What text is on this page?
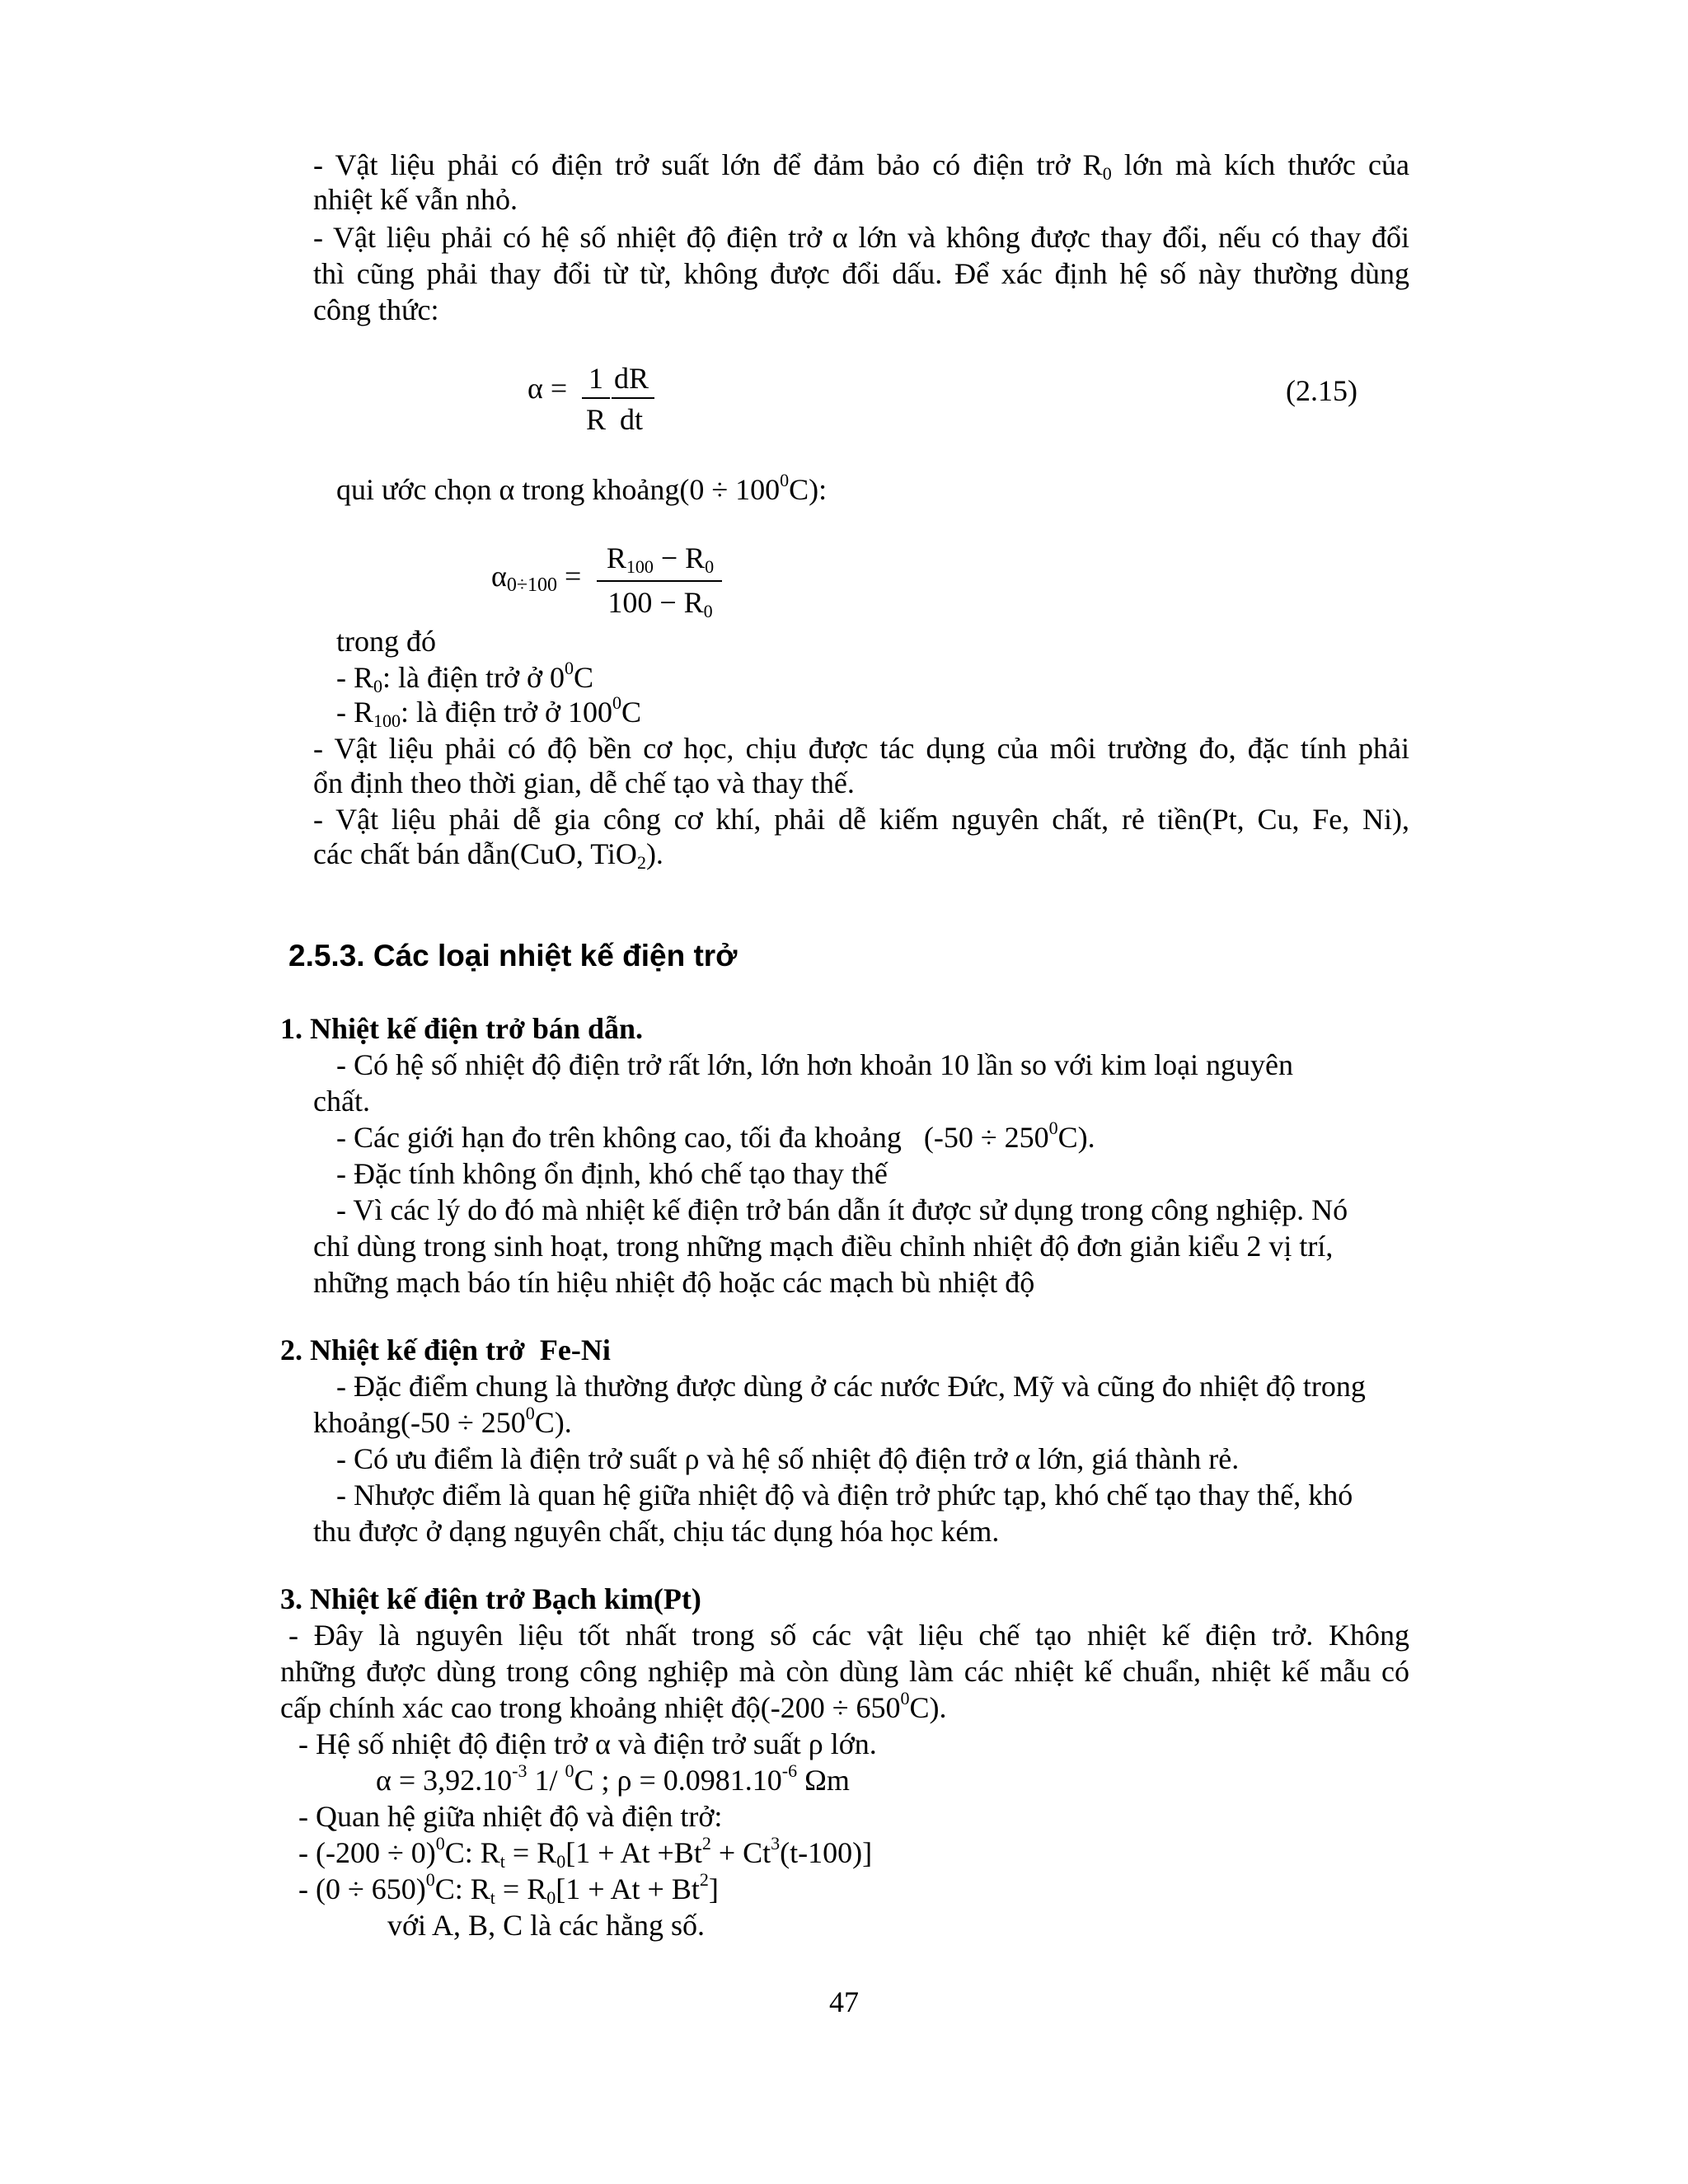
- Vật liệu phải có điện trở suất lớn để đảm bảo có điện trở $R_0$ lớn mà kích thước của
nhiệt kế vẫn nhỏ.
- Vật liệu phải có hệ số nhiệt độ điện trở α lớn và không được thay đổi, nếu có thay đổi
thì cũng phải thay đổi từ từ, không được đổi dấu. Để xác định hệ số này thường dùng
công thức:
α = 1
R
dR
dt
(2.15)
qui ước chọn α trong khoảng(0 ÷ $100^0C$):
$\alpha_{0\div 100}$ =
$R_{100} - R_0$
$100 - R_0$
trong đó
- $R_0$: là điện trở ở $0^0C$
- $R_{100}$: là điện trở ở $100^0C$
- Vật liệu phải có độ bền cơ học, chịu được tác dụng của môi trường đo, đặc tính phải
ổn định theo thời gian, dễ chế tạo và thay thế.
- Vật liệu phải dễ gia công cơ khí, phải dễ kiếm nguyên chất, rẻ tiền(Pt, Cu, Fe, Ni),
các chất bán dẫn(CuO, TiO$_2$).
2.5.3. Các loại nhiệt kế điện trở
1. Nhiệt kế điện trở bán dẫn.
- Có hệ số nhiệt độ điện trở rất lớn, lớn hơn khoản 10 lần so với kim loại nguyên
chất.
- Các giới hạn đo trên không cao, tối đa khoảng   $(-50 \div 250^0C)$.
- Đặc tính không ổn định, khó chế tạo thay thế
- Vì các lý do đó mà nhiệt kế điện trở bán dẫn ít được sử dụng trong công nghiệp. Nó
chỉ dùng trong sinh hoạt, trong những mạch điều chỉnh nhiệt độ đơn giản kiểu 2 vị trí,
những mạch báo tín hiệu nhiệt độ hoặc các mạch bù nhiệt độ
2. Nhiệt kế điện trở  Fe-Ni
- Đặc điểm chung là thường được dùng ở các nước Đức, Mỹ và cũng đo nhiệt độ trong
khoảng(-50 ÷ $250^0C$).
- Có ưu điểm là điện trở suất ρ và hệ số nhiệt độ điện trở α lớn, giá thành rẻ.
- Nhược điểm là quan hệ giữa nhiệt độ và điện trở phức tạp, khó chế tạo thay thế, khó
thu được ở dạng nguyên chất, chịu tác dụng hóa học kém.
3. Nhiệt kế điện trở Bạch kim(Pt)
- Đây là nguyên liệu tốt nhất trong số các vật liệu chế tạo nhiệt kế điện trở. Không
những được dùng trong công nghiệp mà còn dùng làm các nhiệt kế chuẩn, nhiệt kế mẫu có
cấp chính xác cao trong khoảng nhiệt độ(-200 ÷ $650^0C$).
- Hệ số nhiệt độ điện trở α và điện trở suất ρ lớn.
$\alpha = 3,92.10^{-3}$ 1/ $^0$C ; $\rho = 0.0981.10^{-6}$ Ωm
- Quan hệ giữa nhiệt độ và điện trở:
- $(-200 \div 0)^0C$: $R_t = R_0[1 + At +Bt^2 + Ct^3(t-100)]$
- $(0 \div 650)^0C$: $R_t = R_0[1 + At + Bt^2]$
với A, B, C là các hằng số.
47
